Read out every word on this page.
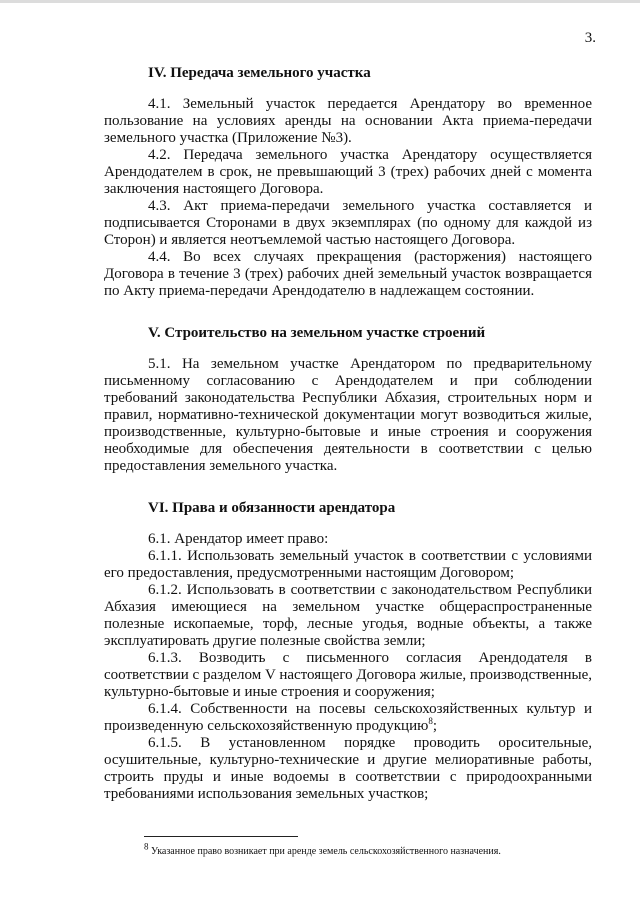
3.
IV. Передача земельного участка

4.1. Земельный участок передается Арендатору во временное пользование на условиях аренды на основании Акта приема-передачи земельного участка (Приложение №3).

4.2. Передача земельного участка Арендатору осуществляется Арендодателем в срок, не превышающий 3 (трех) рабочих дней с момента заключения настоящего Договора.

4.3. Акт приема-передачи земельного участка составляется и подписывается Сторонами в двух экземплярах (по одному для каждой из Сторон) и является неотъемлемой частью настоящего Договора.

4.4. Во всех случаях прекращения (расторжения) настоящего Договора в течение 3 (трех) рабочих дней земельный участок возвращается по Акту приема-передачи Арендодателю в надлежащем состоянии.

V. Строительство на земельном участке строений

5.1. На земельном участке Арендатором по предварительному письменному согласованию с Арендодателем и при соблюдении требований законодательства Республики Абхазия, строительных норм и правил, нормативно-технической документации могут возводиться жилые, производственные, культурно-бытовые и иные строения и сооружения необходимые для обеспечения деятельности в соответствии с целью предоставления земельного участка.

VI. Права и обязанности арендатора

6.1. Арендатор имеет право:

6.1.1. Использовать земельный участок в соответствии с условиями его предоставления, предусмотренными настоящим Договором;

6.1.2. Использовать в соответствии с законодательством Республики Абхазия имеющиеся на земельном участке общераспространенные полезные ископаемые, торф, лесные угодья, водные объекты, а также эксплуатировать другие полезные свойства земли;

6.1.3. Возводить с письменного согласия Арендодателя в соответствии с разделом V настоящего Договора жилые, производственные, культурно-бытовые и иные строения и сооружения;

6.1.4. Собственности на посевы сельскохозяйственных культур и произведенную сельскохозяйственную продукцию$^8$;

6.1.5. В установленном порядке проводить оросительные, осушительные, культурно-технические и другие мелиоративные работы, строить пруды и иные водоемы в соответствии с природоохранными требованиями использования земельных участков;

$^8$ Указанное право возникает при аренде земель сельскохозяйственного назначения.
